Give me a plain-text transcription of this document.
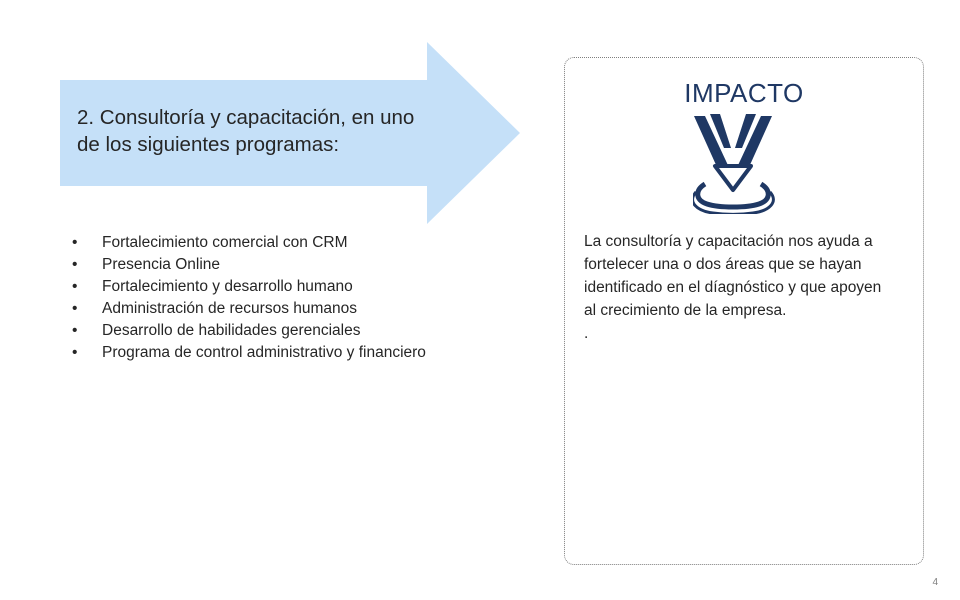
2. Consultoría y capacitación, en uno de los siguientes programas:
• Fortalecimiento comercial con CRM
• Presencia Online
• Fortalecimiento y desarrollo humano
• Administración de recursos humanos
• Desarrollo de habilidades gerenciales
• Programa de control administrativo y financiero
IMPACTO
La consultoría y capacitación nos ayuda a fortelecer una o dos áreas que se hayan identificado en el díagnóstico y que apoyen al crecimiento de la empresa.
.
4
